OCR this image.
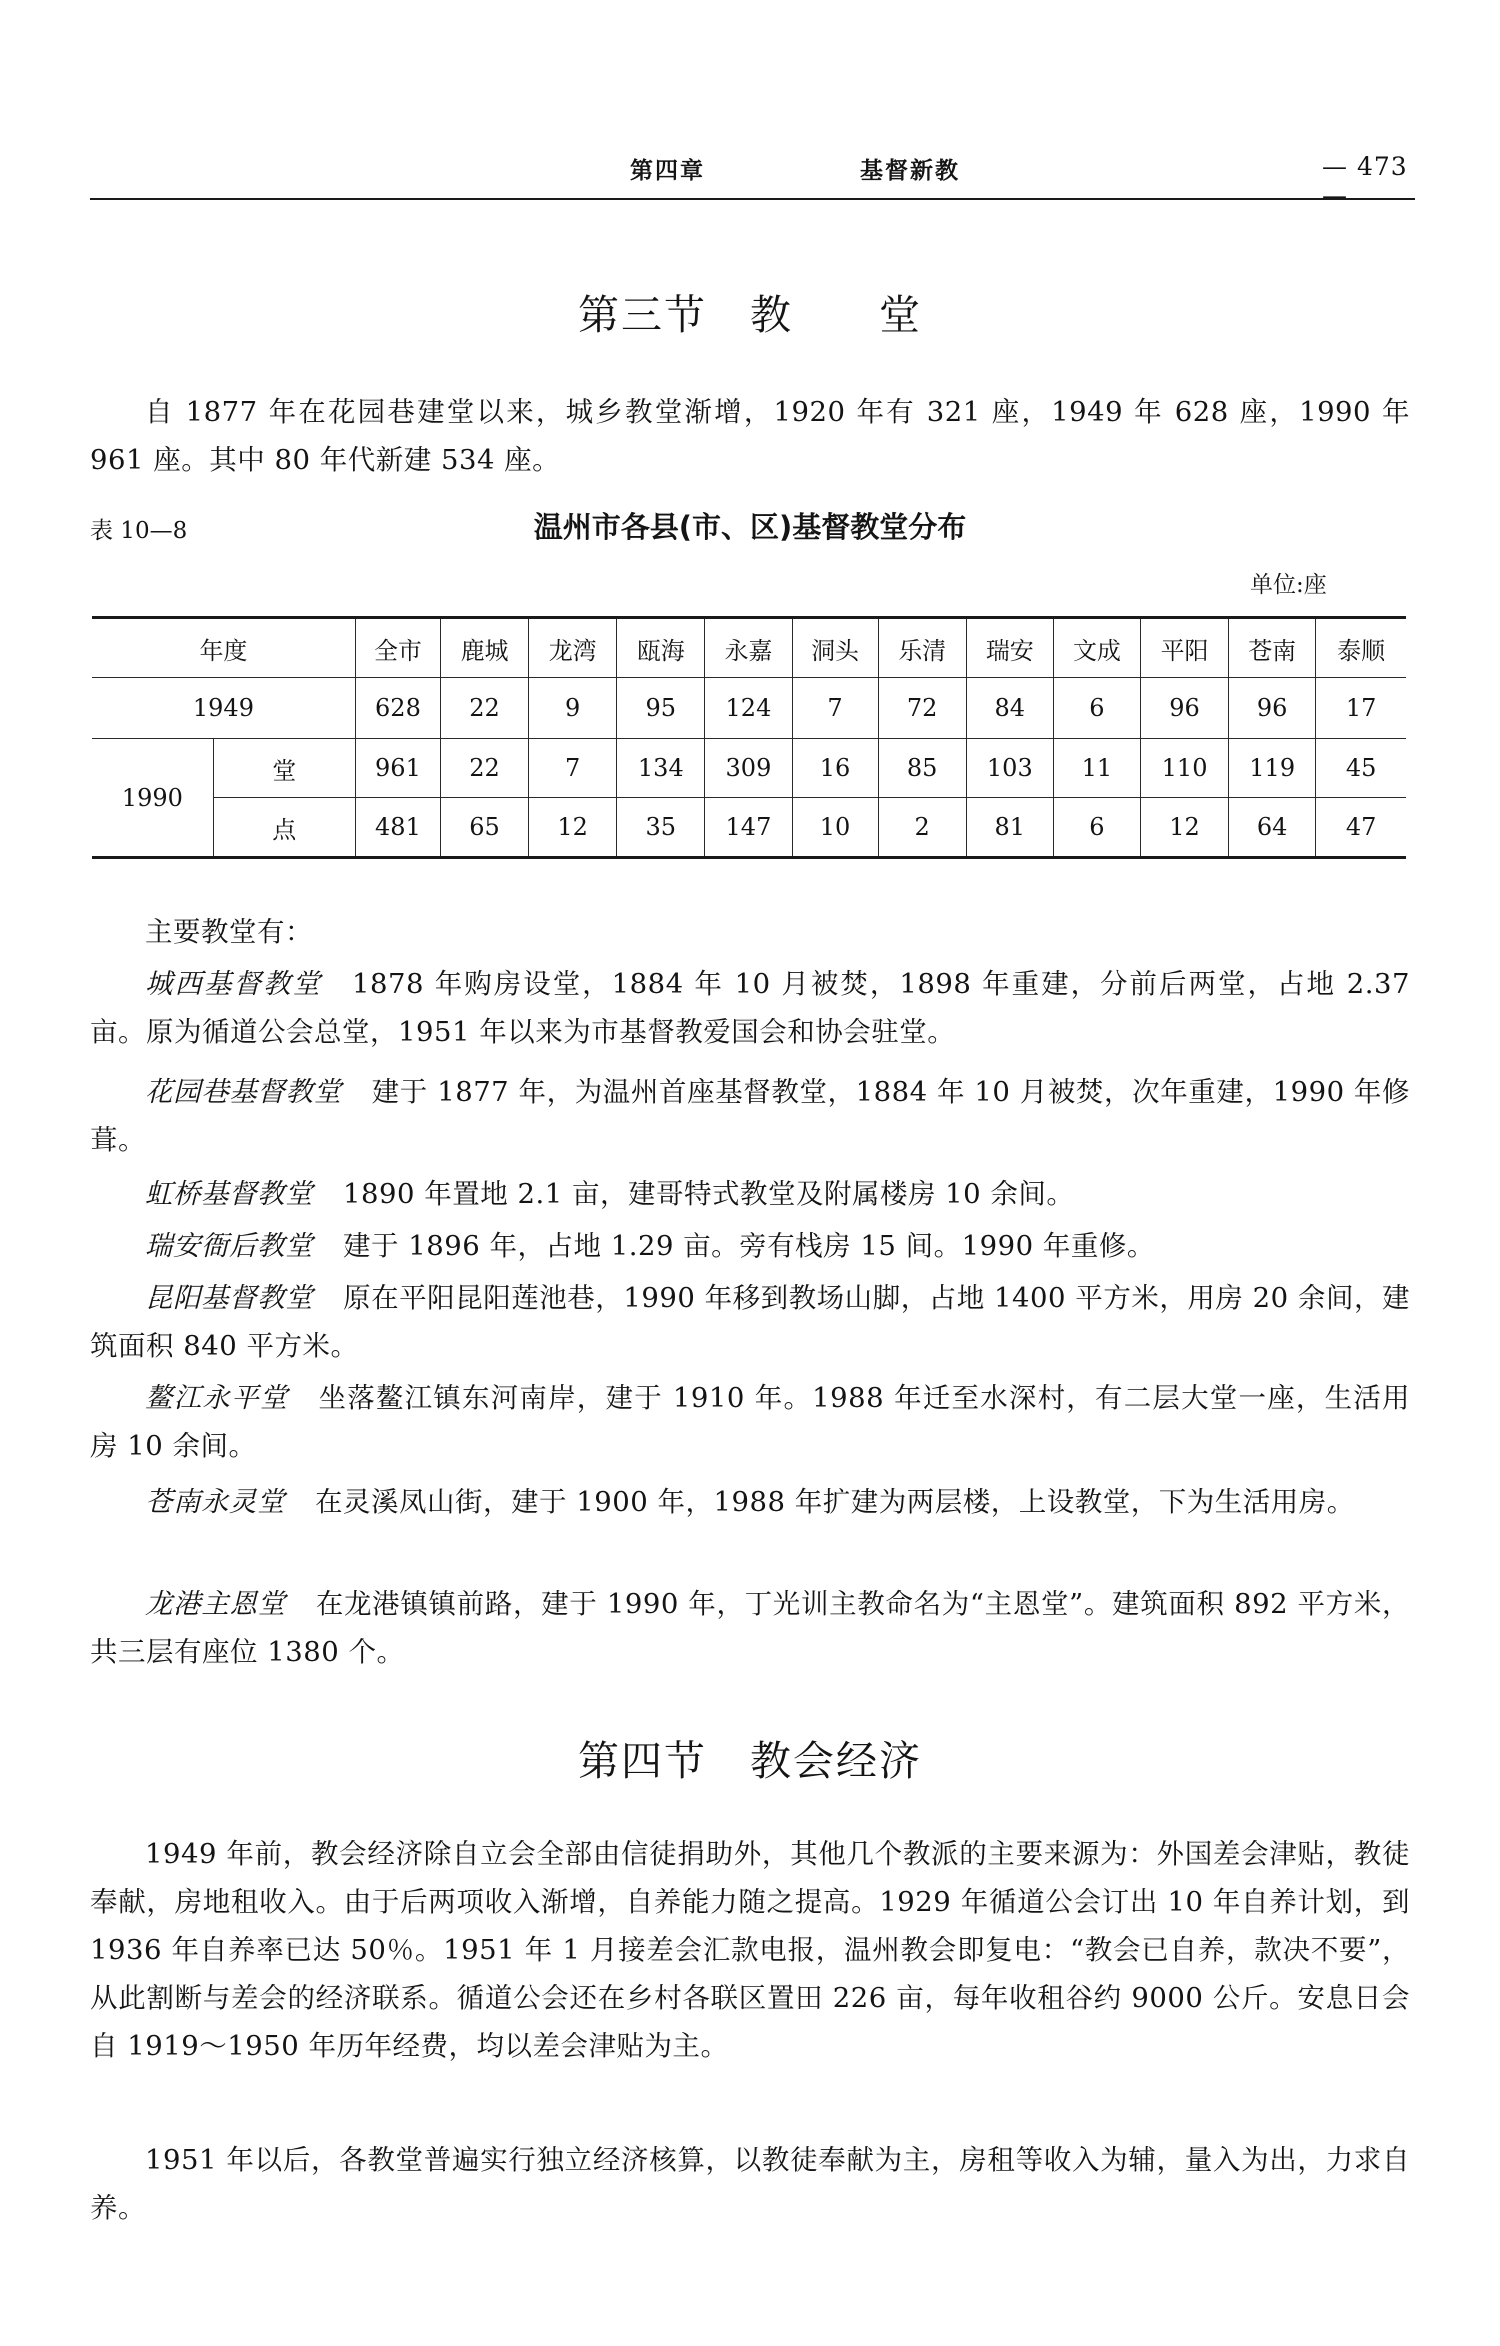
第四章	基督新教	— 473 —
第三节　教　　堂

自 1877 年在花园巷建堂以来，城乡教堂渐增，1920 年有 321 座，1949 年 628 座，1990 年 961 座。其中 80 年代新建 534 座。

表 10—8	温州市各县(市、区)基督教堂分布
单位:座
年度		全市	鹿城	龙湾	瓯海	永嘉	洞头	乐清	瑞安	文成	平阳	苍南	泰顺
1949		628	22	9	95	124	7	72	84	6	96	96	17
1990	堂	961	22	7	134	309	16	85	103	11	110	119	45
	点	481	65	12	35	147	10	2	81	6	12	64	47

主要教堂有：

城西基督教堂 1878 年购房设堂，1884 年 10 月被焚，1898 年重建，分前后两堂，占地 2.37 亩。原为循道公会总堂，1951 年以来为市基督教爱国会和协会驻堂。

花园巷基督教堂 建于 1877 年，为温州首座基督教堂，1884 年 10 月被焚，次年重建，1990 年修葺。

虹桥基督教堂 1890 年置地 2.1 亩，建哥特式教堂及附属楼房 10 余间。

瑞安衙后教堂 建于 1896 年，占地 1.29 亩。旁有栈房 15 间。1990 年重修。

昆阳基督教堂 原在平阳昆阳莲池巷，1990 年移到教场山脚，占地 1400 平方米，用房 20 余间，建筑面积 840 平方米。

鳌江永平堂 坐落鳌江镇东河南岸，建于 1910 年。1988 年迁至水深村，有二层大堂一座，生活用房 10 余间。

苍南永灵堂 在灵溪凤山街，建于 1900 年，1988 年扩建为两层楼，上设教堂，下为生活用房。

龙港主恩堂 在龙港镇镇前路，建于 1990 年，丁光训主教命名为“主恩堂”。建筑面积 892 平方米，共三层有座位 1380 个。

第四节　教会经济

1949 年前，教会经济除自立会全部由信徒捐助外，其他几个教派的主要来源为：外国差会津贴，教徒奉献，房地租收入。由于后两项收入渐增，自养能力随之提高。1929 年循道公会订出 10 年自养计划，到 1936 年自养率已达 50％。1951 年 1 月接差会汇款电报，温州教会即复电：“教会已自养，款决不要”，从此割断与差会的经济联系。循道公会还在乡村各联区置田 226 亩，每年收租谷约 9000 公斤。安息日会自 1919～1950 年历年经费，均以差会津贴为主。

1951 年以后，各教堂普遍实行独立经济核算，以教徒奉献为主，房租等收入为辅，量入为出，力求自养。
